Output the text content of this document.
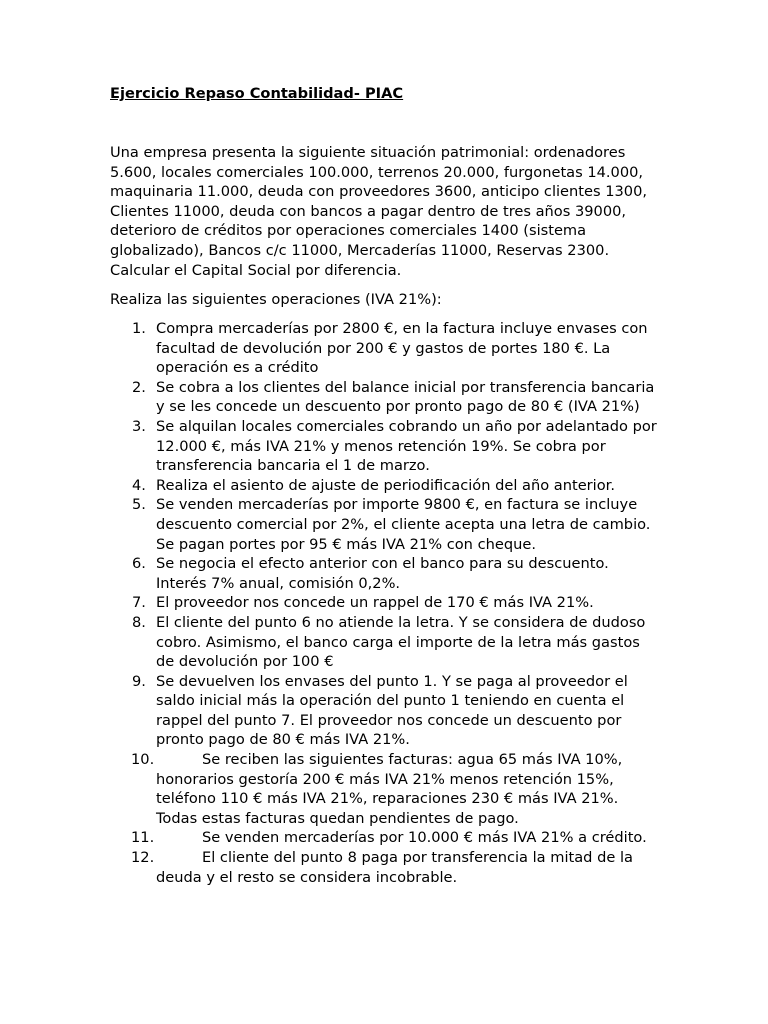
Ejercicio Repaso Contabilidad- PIAC

Una empresa presenta la siguiente situación patrimonial: ordenadores 5.600, locales comerciales 100.000, terrenos 20.000, furgonetas 14.000, maquinaria 11.000, deuda con proveedores 3600, anticipo clientes 1300, Clientes 11000, deuda con bancos a pagar dentro de tres años 39000, deterioro de créditos por operaciones comerciales 1400 (sistema globalizado), Bancos c/c 11000, Mercaderías 11000, Reservas 2300. Calcular el Capital Social por diferencia.

Realiza las siguientes operaciones (IVA 21%):

1. Compra mercaderías por 2800 €, en la factura incluye envases con facultad de devolución por 200 € y gastos de portes 180 €. La operación es a crédito
2. Se cobra a los clientes del balance inicial por transferencia bancaria y se les concede un descuento por pronto pago de 80 € (IVA 21%)
3. Se alquilan locales comerciales cobrando un año por adelantado por 12.000 €, más IVA 21% y menos retención 19%. Se cobra por transferencia bancaria el 1 de marzo.
4. Realiza el asiento de ajuste de periodificación del año anterior.
5. Se venden mercaderías por importe 9800 €, en factura se incluye descuento comercial por 2%, el cliente acepta una letra de cambio. Se pagan portes por 95 € más IVA 21% con cheque.
6. Se negocia el efecto anterior con el banco para su descuento. Interés 7% anual, comisión 0,2%.
7. El proveedor nos concede un rappel de 170 € más IVA 21%.
8. El cliente del punto 6 no atiende la letra. Y se considera de dudoso cobro. Asimismo, el banco carga el importe de la letra más gastos de devolución por 100 €
9. Se devuelven los envases del punto 1. Y se paga al proveedor el saldo inicial más la operación del punto 1 teniendo en cuenta el rappel del punto 7. El proveedor nos concede un descuento por pronto pago de 80 € más IVA 21%.
10.	Se reciben las siguientes facturas: agua 65 más IVA 10%, honorarios gestoría 200 € más IVA 21% menos retención 15%, teléfono 110 € más IVA 21%, reparaciones 230 € más IVA 21%. Todas estas facturas quedan pendientes de pago.
11.	Se venden mercaderías por 10.000 € más IVA 21% a crédito.
12.	El cliente del punto 8 paga por transferencia la mitad de la deuda y el resto se considera incobrable.
